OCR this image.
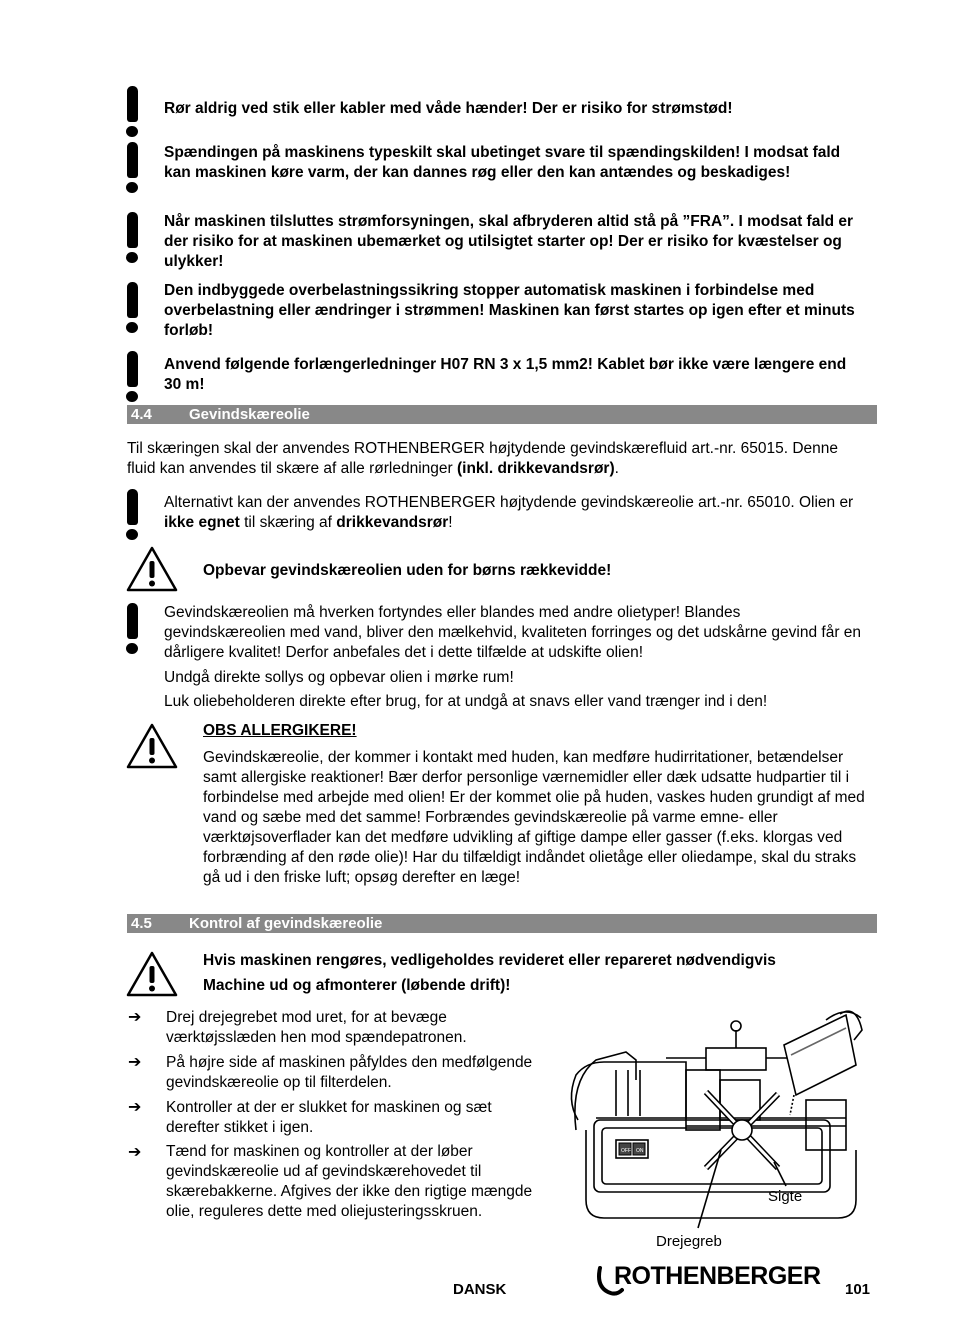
Rør aldrig ved stik eller kabler med våde hænder! Der er risiko for strømstød!
Spændingen på maskinens typeskilt skal ubetinget svare til spændingskilden! I modsat fald kan maskinen køre varm, der kan dannes røg eller den kan antændes og beskadiges!
Når maskinen tilsluttes strømforsyningen, skal afbryderen altid stå på ”FRA”. I modsat fald er der risiko for at maskinen ubemærket og utilsigtet starter op! Der er risiko for kvæstelser og ulykker!
Den indbyggede overbelastningssikring stopper automatisk maskinen i forbindelse med overbelastning eller ændringer i strømmen! Maskinen kan først startes op igen efter et minuts forløb!
Anvend følgende forlængerledninger H07 RN 3 x 1,5 mm2! Kablet bør ikke være længere end 30 m!
4.4 Gevindskæreolie
Til skæringen skal der anvendes ROTHENBERGER højtydende gevindskærefluid art.-nr. 65015. Denne fluid kan anvendes til skære af alle rørledninger (inkl. drikkevandsrør).
Alternativt kan der anvendes ROTHENBERGER højtydende gevindskæreolie art.-nr. 65010. Olien er ikke egnet til skæring af drikkevandsrør!
Opbevar gevindskæreolien uden for børns rækkevidde!
Gevindskæreolien må hverken fortyndes eller blandes med andre olietyper! Blandes gevindskæreolien med vand, bliver den mælkehvid, kvaliteten forringes og det udskårne gevind får en dårligere kvalitet! Derfor anbefales det i dette tilfælde at udskifte olien!
Undgå direkte sollys og opbevar olien i mørke rum!
Luk oliebeholderen direkte efter brug, for at undgå at snavs eller vand trænger ind i den!
OBS ALLERGIKERE!
Gevindskæreolie, der kommer i kontakt med huden, kan medføre hudirritationer, betændelser samt allergiske reaktioner! Bær derfor personlige værnemidler eller dæk udsatte hudpartier til i forbindelse med arbejde med olien! Er der kommet olie på huden, vaskes huden grundigt af med vand og sæbe med det samme! Forbrændes gevindskæreolie på varme emne- eller værktøjsoverflader kan det medføre udvikling af giftige dampe eller gasser (f.eks. klorgas ved forbrænding af den røde olie)! Har du tilfældigt indåndet olietåge eller oliedampe, skal du straks gå ud i den friske luft; opsøg derefter en læge!
4.5 Kontrol af gevindskæreolie
Hvis maskinen rengøres, vedligeholdes revideret eller repareret nødvendigvis
Machine ud og afmonterer (løbende drift)!
➔ Drej drejegrebet mod uret, for at bevæge værktøjsslæden hen mod spændepatronen.
➔ På højre side af maskinen påfyldes den medfølgende gevindskæreolie op til filterdelen.
➔ Kontroller at der er slukket for maskinen og sæt derefter stikket i igen.
➔ Tænd for maskinen og kontroller at der løber gevindskæreolie ud af gevindskærehovedet til skærebakkerne. Afgives der ikke den rigtige mængde olie, reguleres dette med oliejusteringsskruen.
OFF ON
Sigte
Drejegreb
DANSK	ROTHENBERGER 101
